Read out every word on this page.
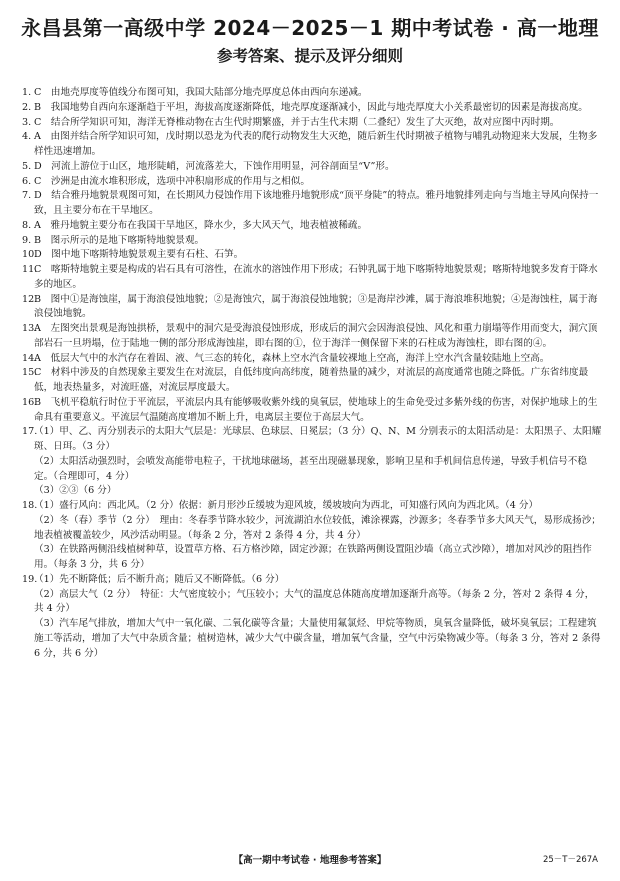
永昌县第一高级中学 2024－2025－1 期中考试卷 · 高一地理
参考答案、提示及评分细则
1. C　由地壳厚度等值线分布图可知，我国大陆部分地壳厚度总体由西向东递减。
2. B　我国地势自西向东逐渐趋于平坦，海拔高度逐渐降低，地壳厚度逐渐减小，因此与地壳厚度大小关系最密切的因素是海拔高度。
3. C　结合所学知识可知，海洋无脊椎动物在古生代时期繁盛，并于古生代末期（二叠纪）发生了大灭绝，故对应图中丙时期。
4. A　由图并结合所学知识可知，戊时期以恐龙为代表的爬行动物发生大灭绝，随后新生代时期被子植物与哺乳动物迎来大发展，生物多样性迅速增加。
5. D　河流上游位于山区，地形陡峭，河流落差大，下蚀作用明显，河谷剖面呈“V”形。
6. C　沙洲是由流水堆积形成，选项中冲积扇形成的作用与之相似。
7. D　结合雅丹地貌景观图可知，在长期风力侵蚀作用下该地雅丹地貌形成“顶平身陡”的特点。雅丹地貌排列走向与当地主导风向保持一致，且主要分布在干旱地区。
8. A　雅丹地貌主要分布在我国干旱地区，降水少，多大风天气，地表植被稀疏。
9. B　图示所示的是地下喀斯特地貌景观。
10.
D　图中地下喀斯特地貌景观主要有石柱、石笋。
11.
C　喀斯特地貌主要是构成的岩石具有可溶性，在流水的溶蚀作用下形成；石钟乳属于地下喀斯特地貌景观；喀斯特地貌多发育于降水多的地区。
12.
B　图中①是海蚀崖，属于海浪侵蚀地貌；②是海蚀穴，属于海浪侵蚀地貌；③是海岸沙滩，属于海浪堆积地貌；④是海蚀柱，属于海浪侵蚀地貌。
13.
A　左图突出景观是海蚀拱桥，景观中的洞穴是受海浪侵蚀形成，形成后的洞穴会因海浪侵蚀、风化和重力崩塌等作用而变大，洞穴顶部岩石一旦坍塌，位于陆地一侧的部分形成海蚀崖，即右图的①，位于海洋一侧保留下来的石柱成为海蚀柱，即右图的④。
14.
A　低层大气中的水汽存在着固、液、气三态的转化，森林上空水汽含量较裸地上空高，海洋上空水汽含量较陆地上空高。
15.
C　材料中涉及的自然现象主要发生在对流层，自低纬度向高纬度，随着热量的减少，对流层的高度通常也随之降低。广东省纬度最低，地表热量多，对流旺盛，对流层厚度最大。
16.
B　飞机平稳航行时位于平流层，平流层内具有能够吸收紫外线的臭氧层，使地球上的生命免受过多紫外线的伤害，对保护地球上的生命具有重要意义。平流层气温随高度增加不断上升，电离层主要位于高层大气。
17.
（1）甲、乙、丙分别表示的太阳大气层是：光球层、色球层、日冕层；（3 分）Q、N、M 分别表示的太阳活动是：太阳黑子、太阳耀斑、日珥。（3 分）
（2）太阳活动强烈时，会喷发高能带电粒子，干扰地球磁场，甚至出现磁暴现象，影响卫星和手机间信息传递，导致手机信号不稳定。（合理即可，4 分）
（3）②③（6 分）
18.
（1）盛行风向：西北风。（2 分）依据：新月形沙丘缓坡为迎风坡，缓坡坡向为西北，可知盛行风向为西北风。（4 分）
（2）冬（春）季节（2 分）　理由：冬春季节降水较少，河流湖泊水位较低，滩涂裸露，沙源多；冬春季节多大风天气，易形成扬沙；地表植被覆盖较少，风沙活动明显。（每条 2 分，答对 2 条得 4 分，共 4 分）
（3）在铁路两侧沿线植树种草，设置草方格、石方格沙障，固定沙源；在铁路两侧设置阻沙墙（高立式沙障），增加对风沙的阻挡作用。（每条 3 分，共 6 分）
19.
（1）先不断降低；后不断升高；随后又不断降低。（6 分）
（2）高层大气（2 分）　特征：大气密度较小；气压较小；大气的温度总体随高度增加逐渐升高等。（每条 2 分，答对 2 条得 4 分，共 4 分）
（3）汽车尾气排放，增加大气中一氧化碳、二氧化碳等含量；大量使用氟氯烃、甲烷等物质，臭氧含量降低，破坏臭氧层；工程建筑施工等活动，增加了大气中杂质含量；植树造林，减少大气中碳含量，增加氧气含量，空气中污染物减少等。（每条 3 分，答对 2 条得 6 分，共 6 分）
【高一期中考试卷 · 地理参考答案】	25－T－267A
